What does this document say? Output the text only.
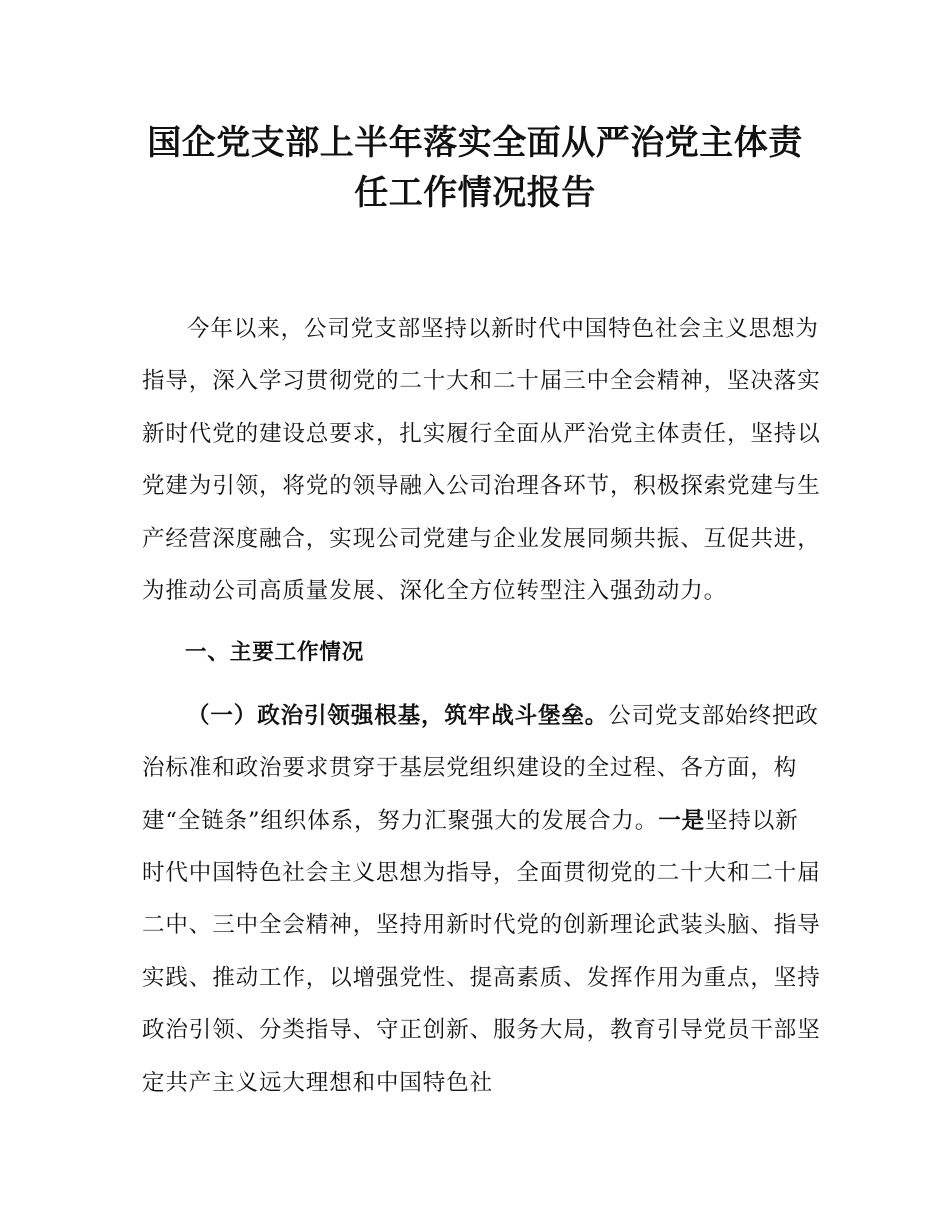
国企党支部上半年落实全面从严治党主体责
任工作情况报告

今年以来，公司党支部坚持以新时代中国特色社会主义思想为指导，深入学习贯彻党的二十大和二十届三中全会精神，坚决落实新时代党的建设总要求，扎实履行全面从严治党主体责任，坚持以党建为引领，将党的领导融入公司治理各环节，积极探索党建与生产经营深度融合，实现公司党建与企业发展同频共振、互促共进，为推动公司高质量发展、深化全方位转型注入强劲动力。

一、主要工作情况

（一）政治引领强根基，筑牢战斗堡垒。公司党支部始终把政治标准和政治要求贯穿于基层党组织建设的全过程、各方面，构建“全链条”组织体系，努力汇聚强大的发展合力。一是坚持以新时代中国特色社会主义思想为指导，全面贯彻党的二十大和二十届二中、三中全会精神，坚持用新时代党的创新理论武装头脑、指导实践、推动工作，以增强党性、提高素质、发挥作用为重点，坚持政治引领、分类指导、守正创新、服务大局，教育引导党员干部坚定共产主义远大理想和中国特色社
